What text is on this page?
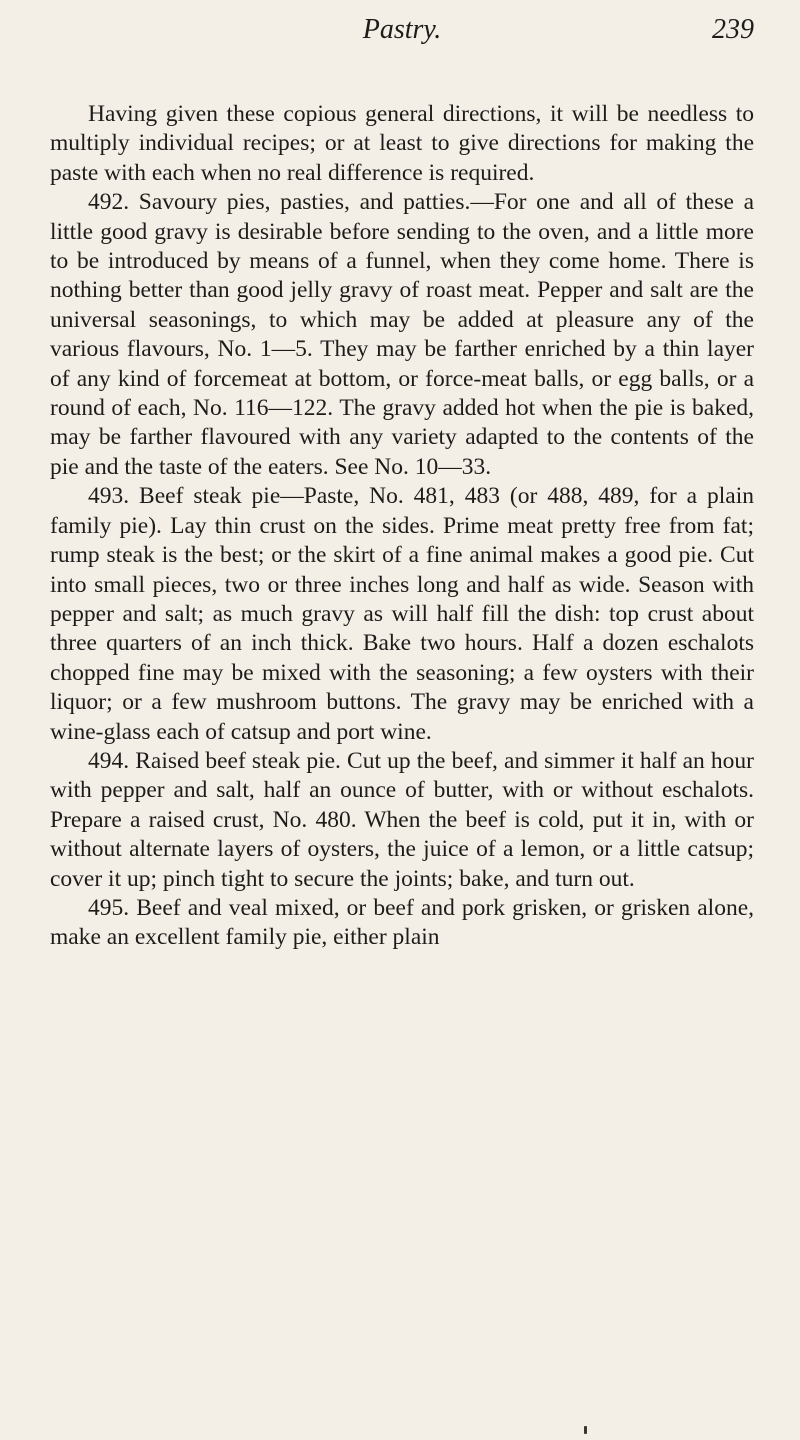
Pastry.	239

Having given these copious general directions, it will be needless to multiply individual recipes; or at least to give directions for making the paste with each when no real difference is required.

492. Savoury pies, pasties, and patties.—For one and all of these a little good gravy is desirable before sending to the oven, and a little more to be introduced by means of a funnel, when they come home. There is nothing better than good jelly gravy of roast meat. Pepper and salt are the universal seasonings, to which may be added at pleasure any of the various flavours, No. 1—5. They may be farther enriched by a thin layer of any kind of forcemeat at bottom, or force-meat balls, or egg balls, or a round of each, No. 116—122. The gravy added hot when the pie is baked, may be farther flavoured with any variety adapted to the contents of the pie and the taste of the eaters. See No. 10—33.

493. Beef steak pie—Paste, No. 481, 483 (or 488, 489, for a plain family pie). Lay thin crust on the sides. Prime meat pretty free from fat; rump steak is the best; or the skirt of a fine animal makes a good pie. Cut into small pieces, two or three inches long and half as wide. Season with pepper and salt; as much gravy as will half fill the dish: top crust about three quarters of an inch thick. Bake two hours. Half a dozen eschalots chopped fine may be mixed with the seasoning; a few oysters with their liquor; or a few mushroom buttons. The gravy may be enriched with a wine-glass each of catsup and port wine.

494. Raised beef steak pie. Cut up the beef, and simmer it half an hour with pepper and salt, half an ounce of butter, with or without eschalots. Prepare a raised crust, No. 480. When the beef is cold, put it in, with or without alternate layers of oysters, the juice of a lemon, or a little catsup; cover it up; pinch tight to secure the joints; bake, and turn out.

495. Beef and veal mixed, or beef and pork grisken, or grisken alone, make an excellent family pie, either plain
